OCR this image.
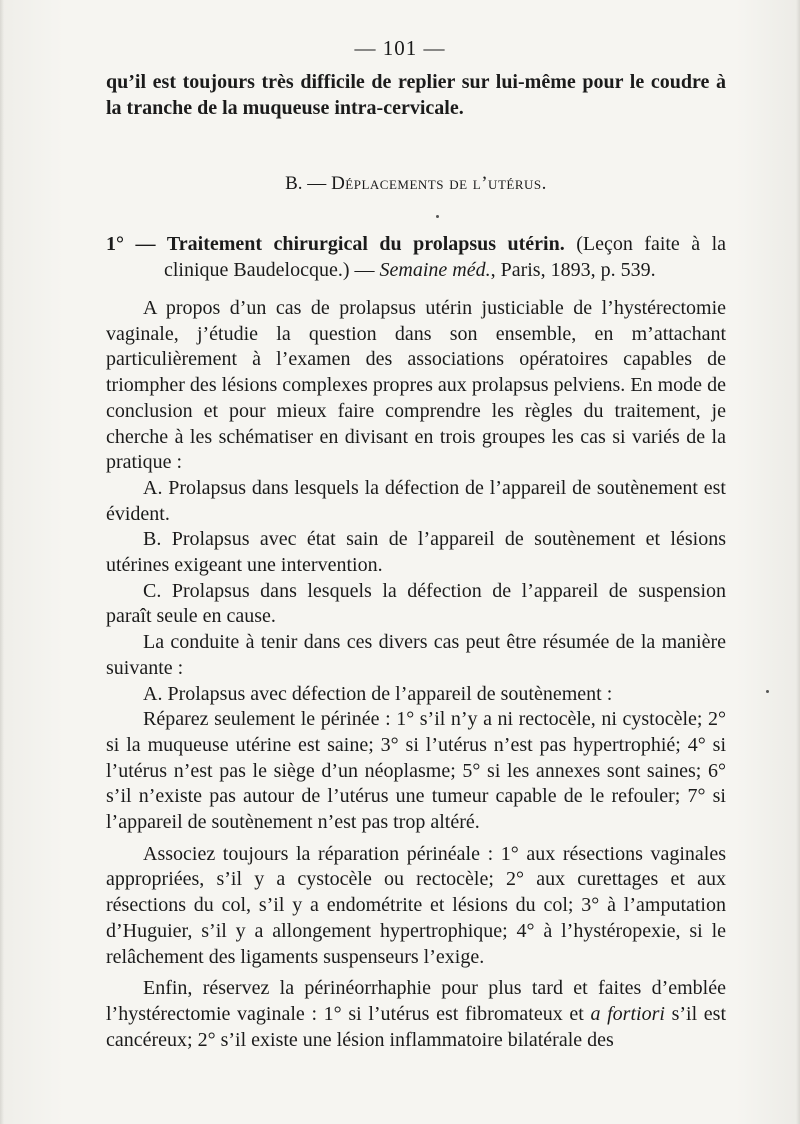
— 101 —

qu’il est toujours très difficile de replier sur lui-même pour le coudre à la tranche de la muqueuse intra-cervicale.

B. — Déplacements de l’utérus.
1° — Traitement chirurgical du prolapsus utérin. (Leçon faite à la clinique Baudelocque.) — Semaine méd., Paris, 1893, p. 539.

A propos d’un cas de prolapsus utérin justiciable de l’hystérectomie vaginale, j’étudie la question dans son ensemble, en m’attachant particulièrement à l’examen des associations opératoires capables de triompher des lésions complexes propres aux prolapsus pelviens. En mode de conclusion et pour mieux faire comprendre les règles du traitement, je cherche à les schématiser en divisant en trois groupes les cas si variés de la pratique :

A. Prolapsus dans lesquels la défection de l’appareil de soutènement est évident.

B. Prolapsus avec état sain de l’appareil de soutènement et lésions utérines exigeant une intervention.

C. Prolapsus dans lesquels la défection de l’appareil de suspension paraît seule en cause.

La conduite à tenir dans ces divers cas peut être résumée de la manière suivante :

A. Prolapsus avec défection de l’appareil de soutènement :

Réparez seulement le périnée : 1° s’il n’y a ni rectocèle, ni cystocèle; 2° si la muqueuse utérine est saine; 3° si l’utérus n’est pas hypertrophié; 4° si l’utérus n’est pas le siège d’un néoplasme; 5° si les annexes sont saines; 6° s’il n’existe pas autour de l’utérus une tumeur capable de le refouler; 7° si l’appareil de soutènement n’est pas trop altéré.

Associez toujours la réparation périnéale : 1° aux résections vaginales appropriées, s’il y a cystocèle ou rectocèle; 2° aux curettages et aux résections du col, s’il y a endométrite et lésions du col; 3° à l’amputation d’Huguier, s’il y a allongement hypertrophique; 4° à l’hystéropexie, si le relâchement des ligaments suspenseurs l’exige.

Enfin, réservez la périnéorrhaphie pour plus tard et faites d’emblée l’hystérectomie vaginale : 1° si l’utérus est fibromateux et a fortiori s’il est cancéreux; 2° s’il existe une lésion inflammatoire bilatérale des
